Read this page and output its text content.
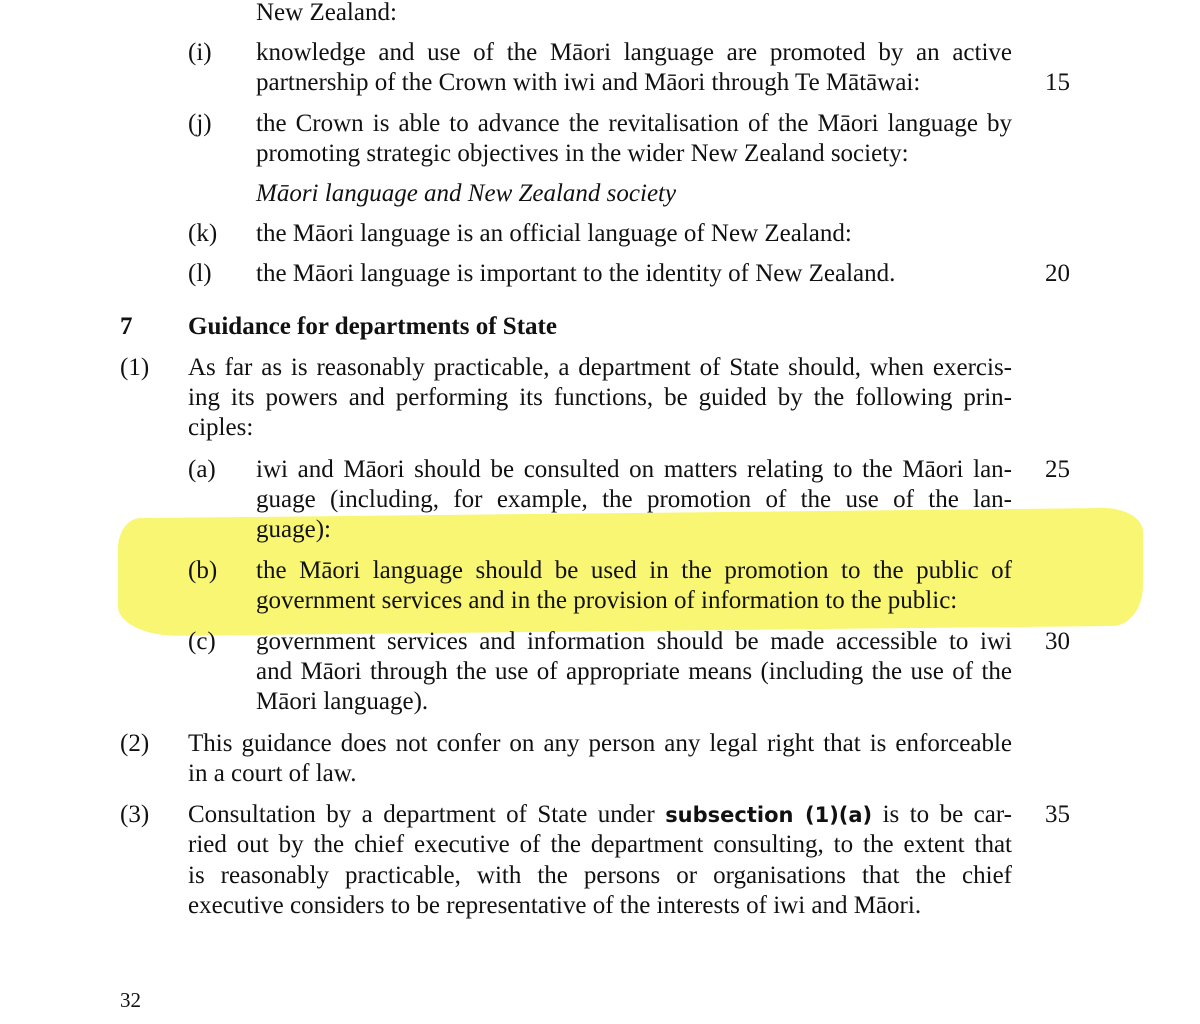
New Zealand:
(i) knowledge and use of the Māori language are promoted by an active
partnership of the Crown with iwi and Māori through Te Mātāwai:	15
(j) the Crown is able to advance the revitalisation of the Māori language by
promoting strategic objectives in the wider New Zealand society:
Māori language and New Zealand society
(k) the Māori language is an official language of New Zealand:
(l) the Māori language is important to the identity of New Zealand.	20
7 Guidance for departments of State
(1) As far as is reasonably practicable, a department of State should, when exercis-
ing its powers and performing its functions, be guided by the following prin-
ciples:
(a) iwi and Māori should be consulted on matters relating to the Māori lan-
guage (including, for example, the promotion of the use of the lan-
guage):
25
(b) the Māori language should be used in the promotion to the public of
government services and in the provision of information to the public:
(c) government services and information should be made accessible to iwi
and Māori through the use of appropriate means (including the use of the
Māori language).
30
(2) This guidance does not confer on any person any legal right that is enforceable
in a court of law.
(3) Consultation by a department of State under subsection (1)(a) is to be car-
ried out by the chief executive of the department consulting, to the extent that
is reasonably practicable, with the persons or organisations that the chief
executive considers to be representative of the interests of iwi and Māori.
35
32
